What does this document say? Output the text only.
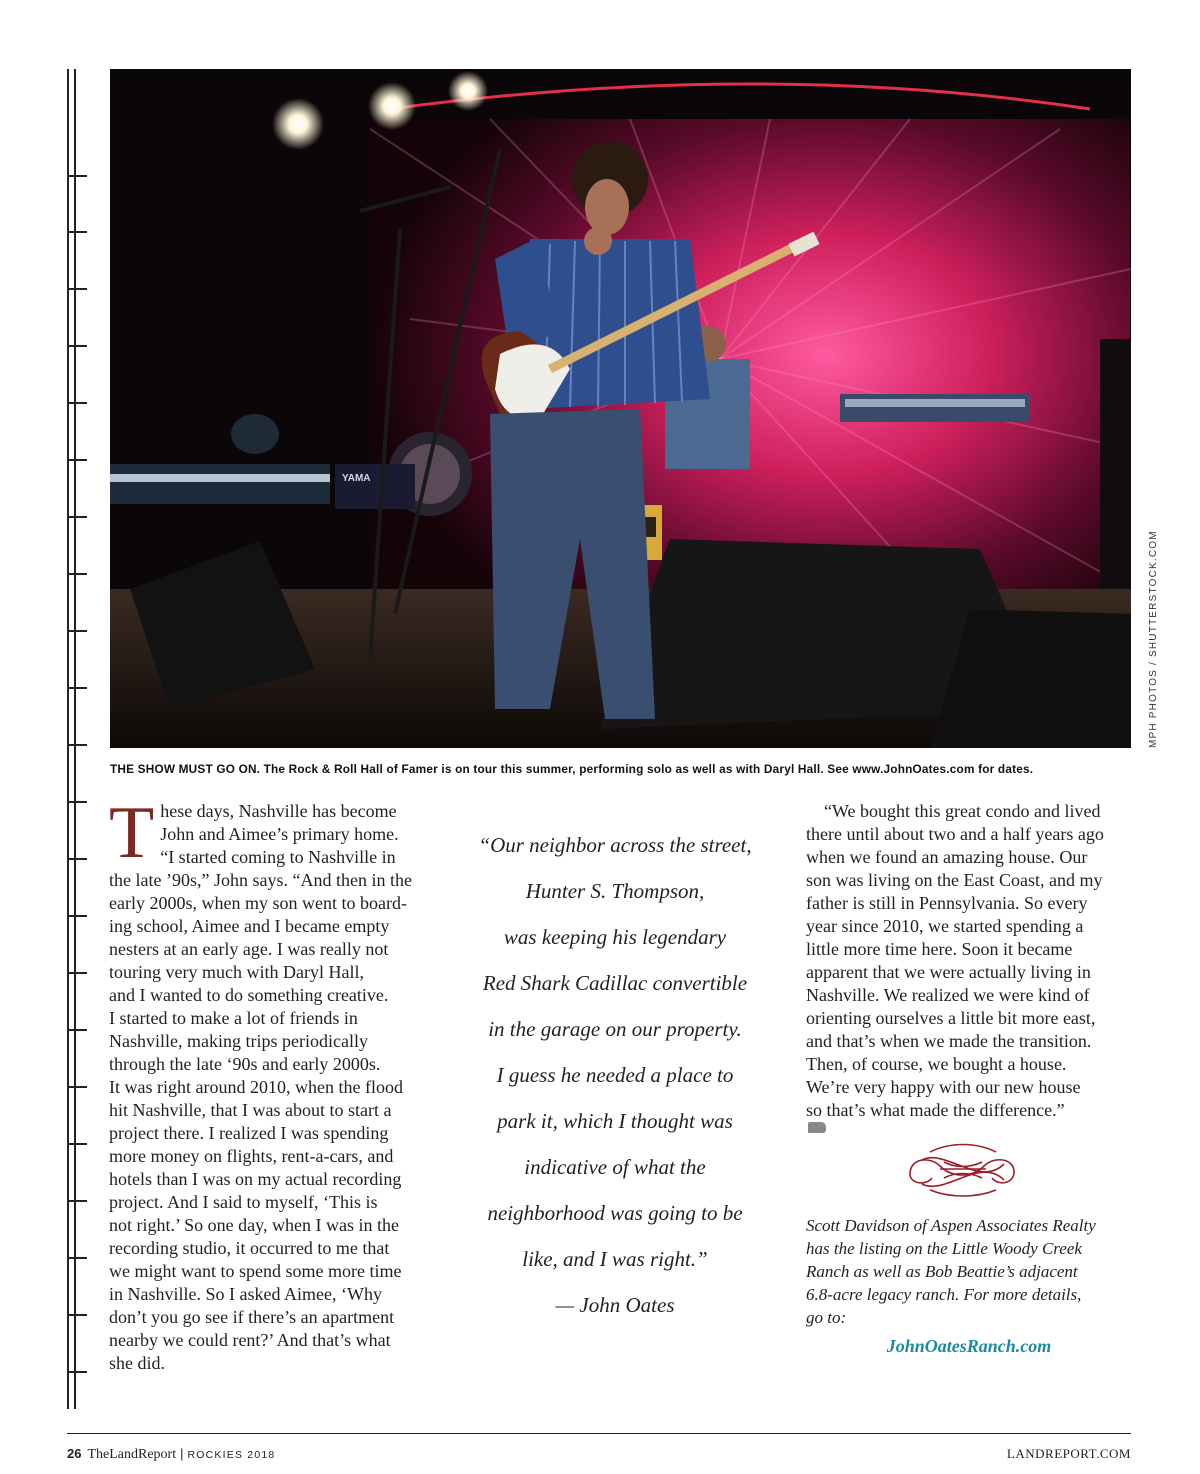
YAMA
MPH PHOTOS / SHUTTERSTOCK.COM
THE SHOW MUST GO ON. The Rock & Roll Hall of Famer is on tour this summer, performing solo as well as with Daryl Hall. See www.JohnOates.com for dates.
T hese days, Nashville has become
John and Aimee’s primary home.
“I started coming to Nashville in
the late ’90s,” John says. “And then in the
early 2000s, when my son went to board-
ing school, Aimee and I became empty
nesters at an early age. I was really not
touring very much with Daryl Hall,
and I wanted to do something creative.
I started to make a lot of friends in
Nashville, making trips periodically
through the late ‘90s and early 2000s.
It was right around 2010, when the flood
hit Nashville, that I was about to start a
project there. I realized I was spending
more money on flights, rent-a-cars, and
hotels than I was on my actual recording
project. And I said to myself, ‘This is
not right.’ So one day, when I was in the
recording studio, it occurred to me that
we might want to spend some more time
in Nashville. So I asked Aimee, ‘Why
don’t you go see if there’s an apartment
nearby we could rent?’ And that’s what
she did.
“Our neighbor across the street,
Hunter S. Thompson,
was keeping his legendary
Red Shark Cadillac convertible
in the garage on our property.
I guess he needed a place to
park it, which I thought was
indicative of what the
neighborhood was going to be
like, and I was right.”
— John Oates
“We bought this great condo and lived
there until about two and a half years ago
when we found an amazing house. Our
son was living on the East Coast, and my
father is still in Pennsylvania. So every
year since 2010, we started spending a
little more time here. Soon it became
apparent that we were actually living in
Nashville. We realized we were kind of
orienting ourselves a little bit more east,
and that’s when we made the transition.
Then, of course, we bought a house.
We’re very happy with our new house
so that’s what made the difference.”
Scott Davidson of Aspen Associates Realty
has the listing on the Little Woody Creek
Ranch as well as Bob Beattie’s adjacent
6.8-acre legacy ranch. For more details,
go to:
JohnOatesRanch.com
26 TheLandReport | ROCKIES 2018	LANDREPORT.COM
